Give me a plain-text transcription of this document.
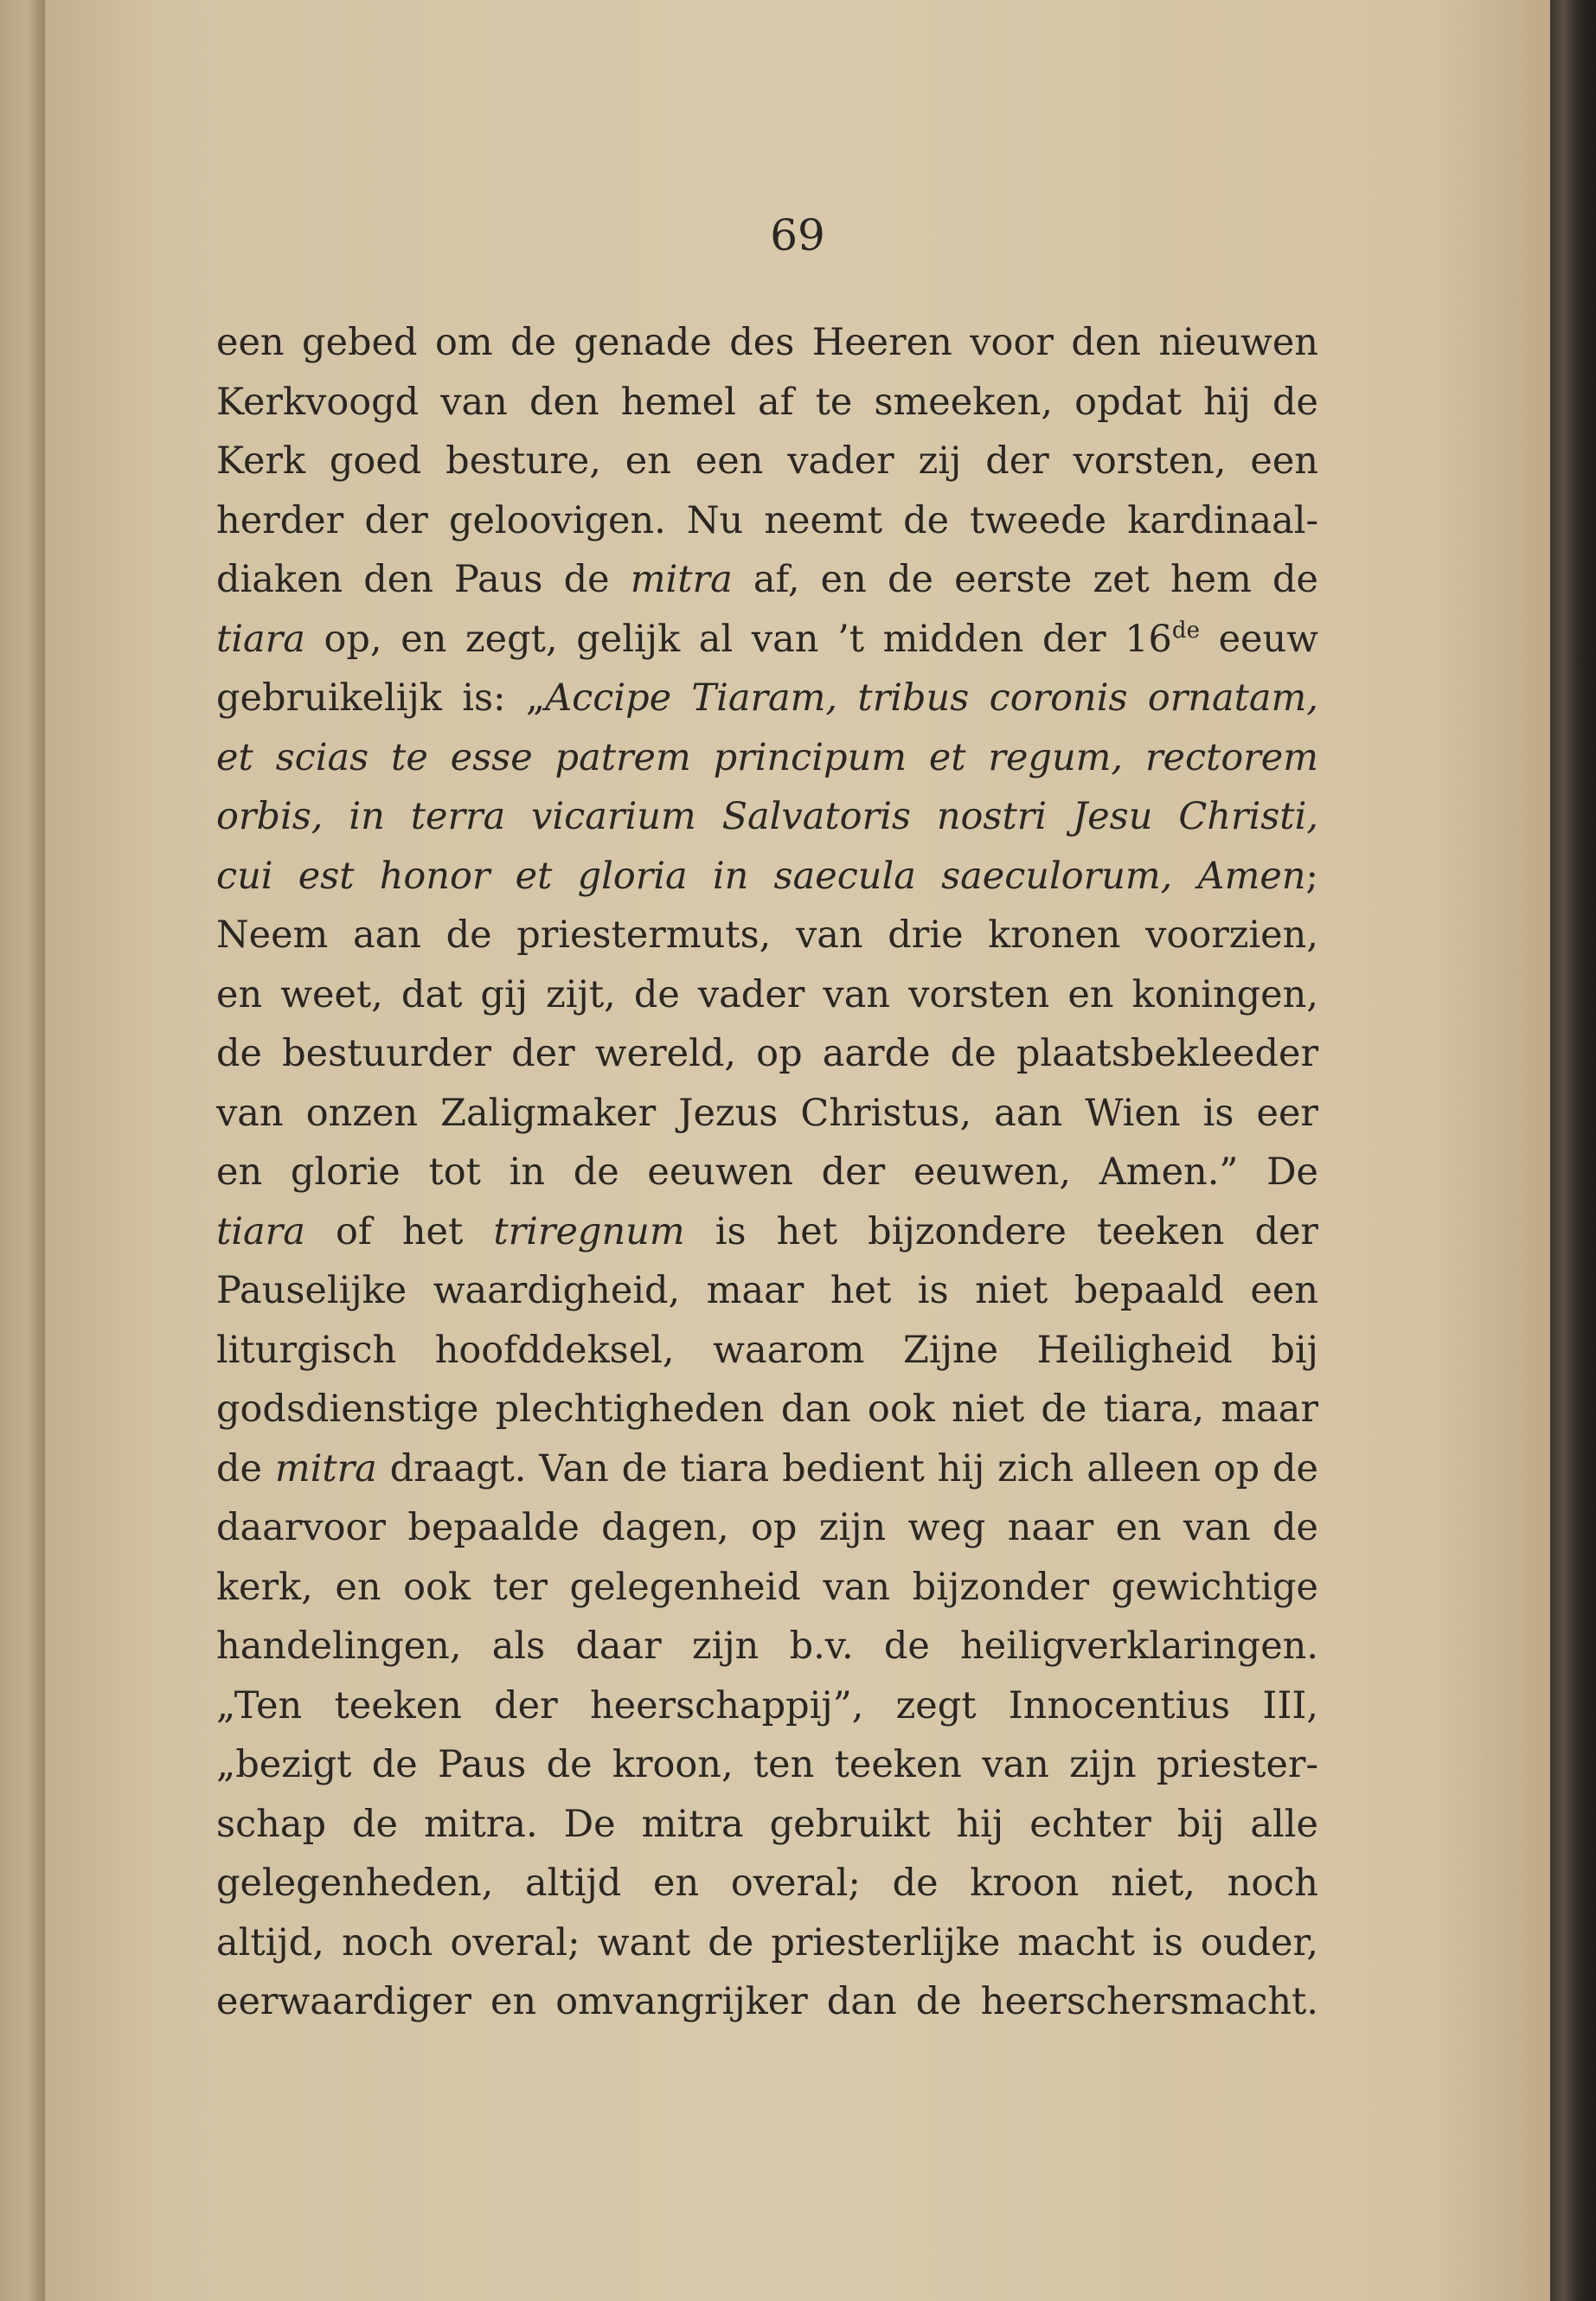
69
een gebed om de genade des Heeren voor den nieuwen
Kerkvoogd van den hemel af te smeeken, opdat hij de
Kerk goed besture, en een vader zij der vorsten, een
herder der geloovigen. Nu neemt de tweede kardinaal-
diaken den Paus de mitra af, en de eerste zet hem de
tiara op, en zegt, gelijk al van ’t midden der 16de eeuw
gebruikelijk is: „Accipe Tiaram, tribus coronis ornatam,
et scias te esse patrem principum et regum, rectorem
orbis, in terra vicarium Salvatoris nostri Jesu Christi,
cui est honor et gloria in saecula saeculorum, Amen;
Neem aan de priestermuts, van drie kronen voorzien,
en weet, dat gij zijt, de vader van vorsten en koningen,
de bestuurder der wereld, op aarde de plaatsbekleeder
van onzen Zaligmaker Jezus Christus, aan Wien is eer
en glorie tot in de eeuwen der eeuwen, Amen.” De
tiara of het triregnum is het bijzondere teeken der
Pauselijke waardigheid, maar het is niet bepaald een
liturgisch hoofddeksel, waarom Zijne Heiligheid bij
godsdienstige plechtigheden dan ook niet de tiara, maar
de mitra draagt. Van de tiara bedient hij zich alleen op de
daarvoor bepaalde dagen, op zijn weg naar en van de
kerk, en ook ter gelegenheid van bijzonder gewichtige
handelingen, als daar zijn b.v. de heiligverklaringen.
„Ten teeken der heerschappij”, zegt Innocentius III,
„bezigt de Paus de kroon, ten teeken van zijn priester-
schap de mitra. De mitra gebruikt hij echter bij alle
gelegenheden, altijd en overal; de kroon niet, noch
altijd, noch overal; want de priesterlijke macht is ouder,
eerwaardiger en omvangrijker dan de heerschersmacht.
